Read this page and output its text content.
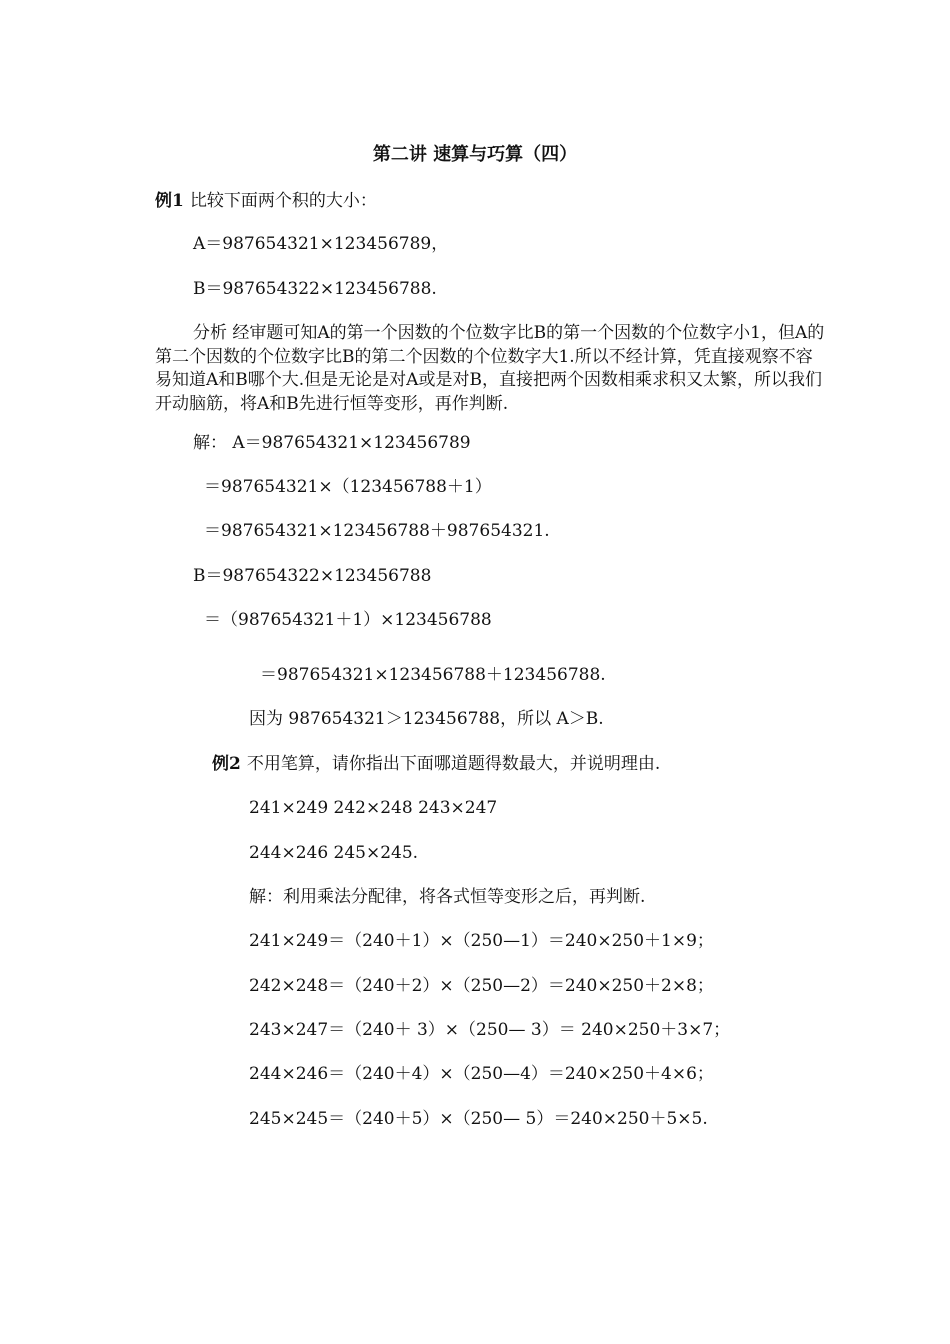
第二讲 速算与巧算（四）
例1 比较下面两个积的大小：
A＝987654321×123456789，
B＝987654322×123456788.
分析 经审题可知A的第一个因数的个位数字比B的第一个因数的个位数字小1，但A的第二个因数的个位数字比B的第二个因数的个位数字大1.所以不经计算，凭直接观察不容易知道A和B哪个大.但是无论是对A或是对B，直接把两个因数相乘求积又太繁，所以我们开动脑筋，将A和B先进行恒等变形，再作判断.
解： A＝987654321×123456789
＝987654321×（123456788＋1）
＝987654321×123456788＋987654321.
B＝987654322×123456788
＝（987654321＋1）×123456788
＝987654321×123456788＋123456788.
因为 987654321＞123456788，所以 A＞B.
例2 不用笔算，请你指出下面哪道题得数最大，并说明理由.
241×249 242×248 243×247
244×246 245×245.
解：利用乘法分配律，将各式恒等变形之后，再判断.
241×249＝（240＋1）×（250—1）＝240×250＋1×9；
242×248＝（240＋2）×（250—2）＝240×250＋2×8；
243×247＝（240＋ 3）×（250— 3）＝ 240×250＋3×7；
244×246＝（240＋4）×（250—4）＝240×250＋4×6；
245×245＝（240＋5）×（250— 5）＝240×250＋5×5.
